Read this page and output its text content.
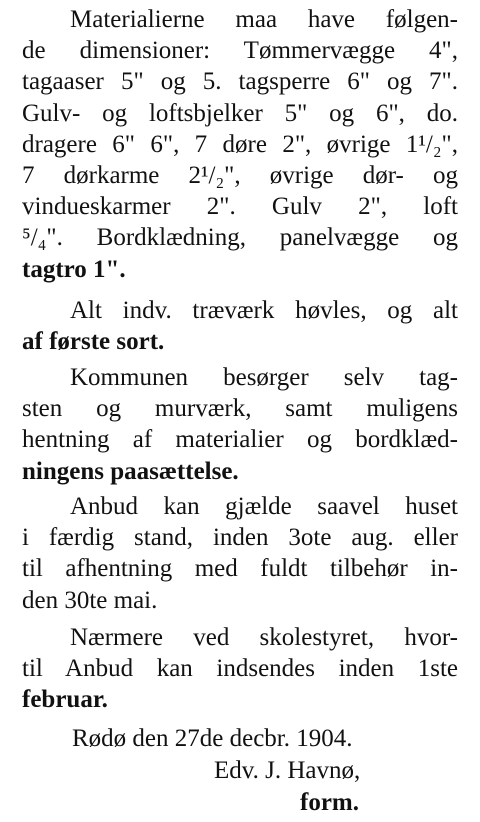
Materialierne maa have følgen-
de dimensioner: Tømmervægge 4",
tagaaser 5" og 5. tagsperre 6" og 7".
Gulv- og loftsbjelker 5" og 6", do.
dragere 6" 6", 7 døre 2", øvrige 1¹/₂",
7 dørkarme 2¹/₂", øvrige dør- og
vindueskarmer 2". Gulv 2", loft
⁵/₄". Bordklædning, panelvægge og
tagtro 1".
Alt indv. træværk høvles, og alt
af første sort.
Kommunen besørger selv tag-
sten og murværk, samt muligens
hentning af materialier og bordklæd-
ningens paasættelse.
Anbud kan gjælde saavel huset
i færdig stand, inden 3ote aug. eller
til afhentning med fuldt tilbehør in-
den 30te mai.
Nærmere ved skolestyret, hvor-
til Anbud kan indsendes inden 1ste
februar.
Rødø den 27de decbr. 1904.
Edv. J. Havnø,
form.
